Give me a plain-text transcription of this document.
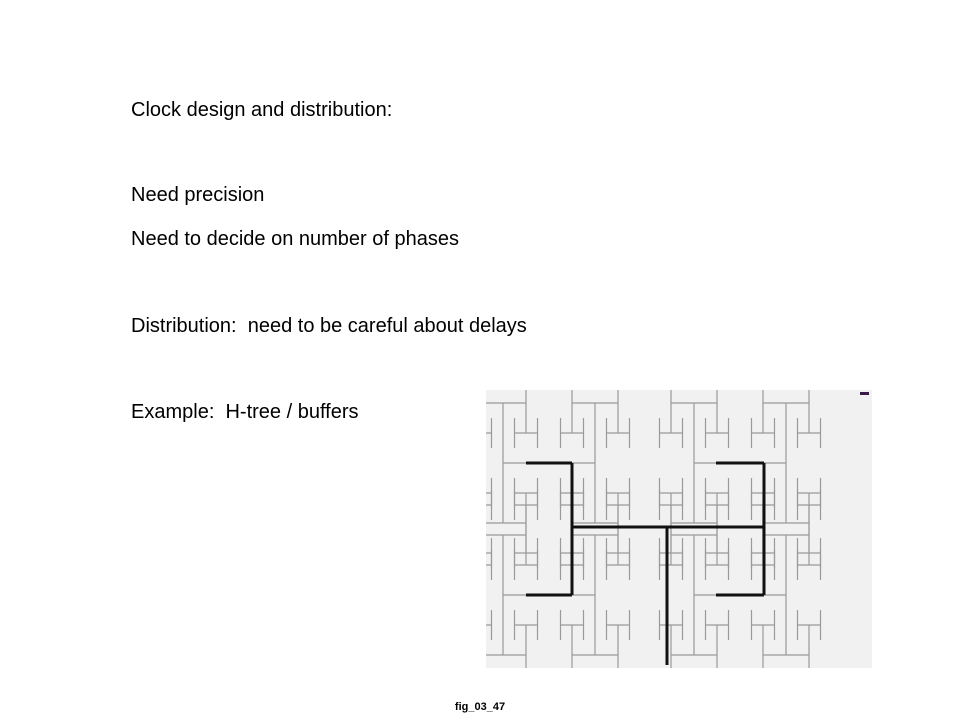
Clock design and distribution:
Need precision
Need to decide on number of phases
Distribution:  need to be careful about delays
Example:  H-tree / buffers
fig_03_47
